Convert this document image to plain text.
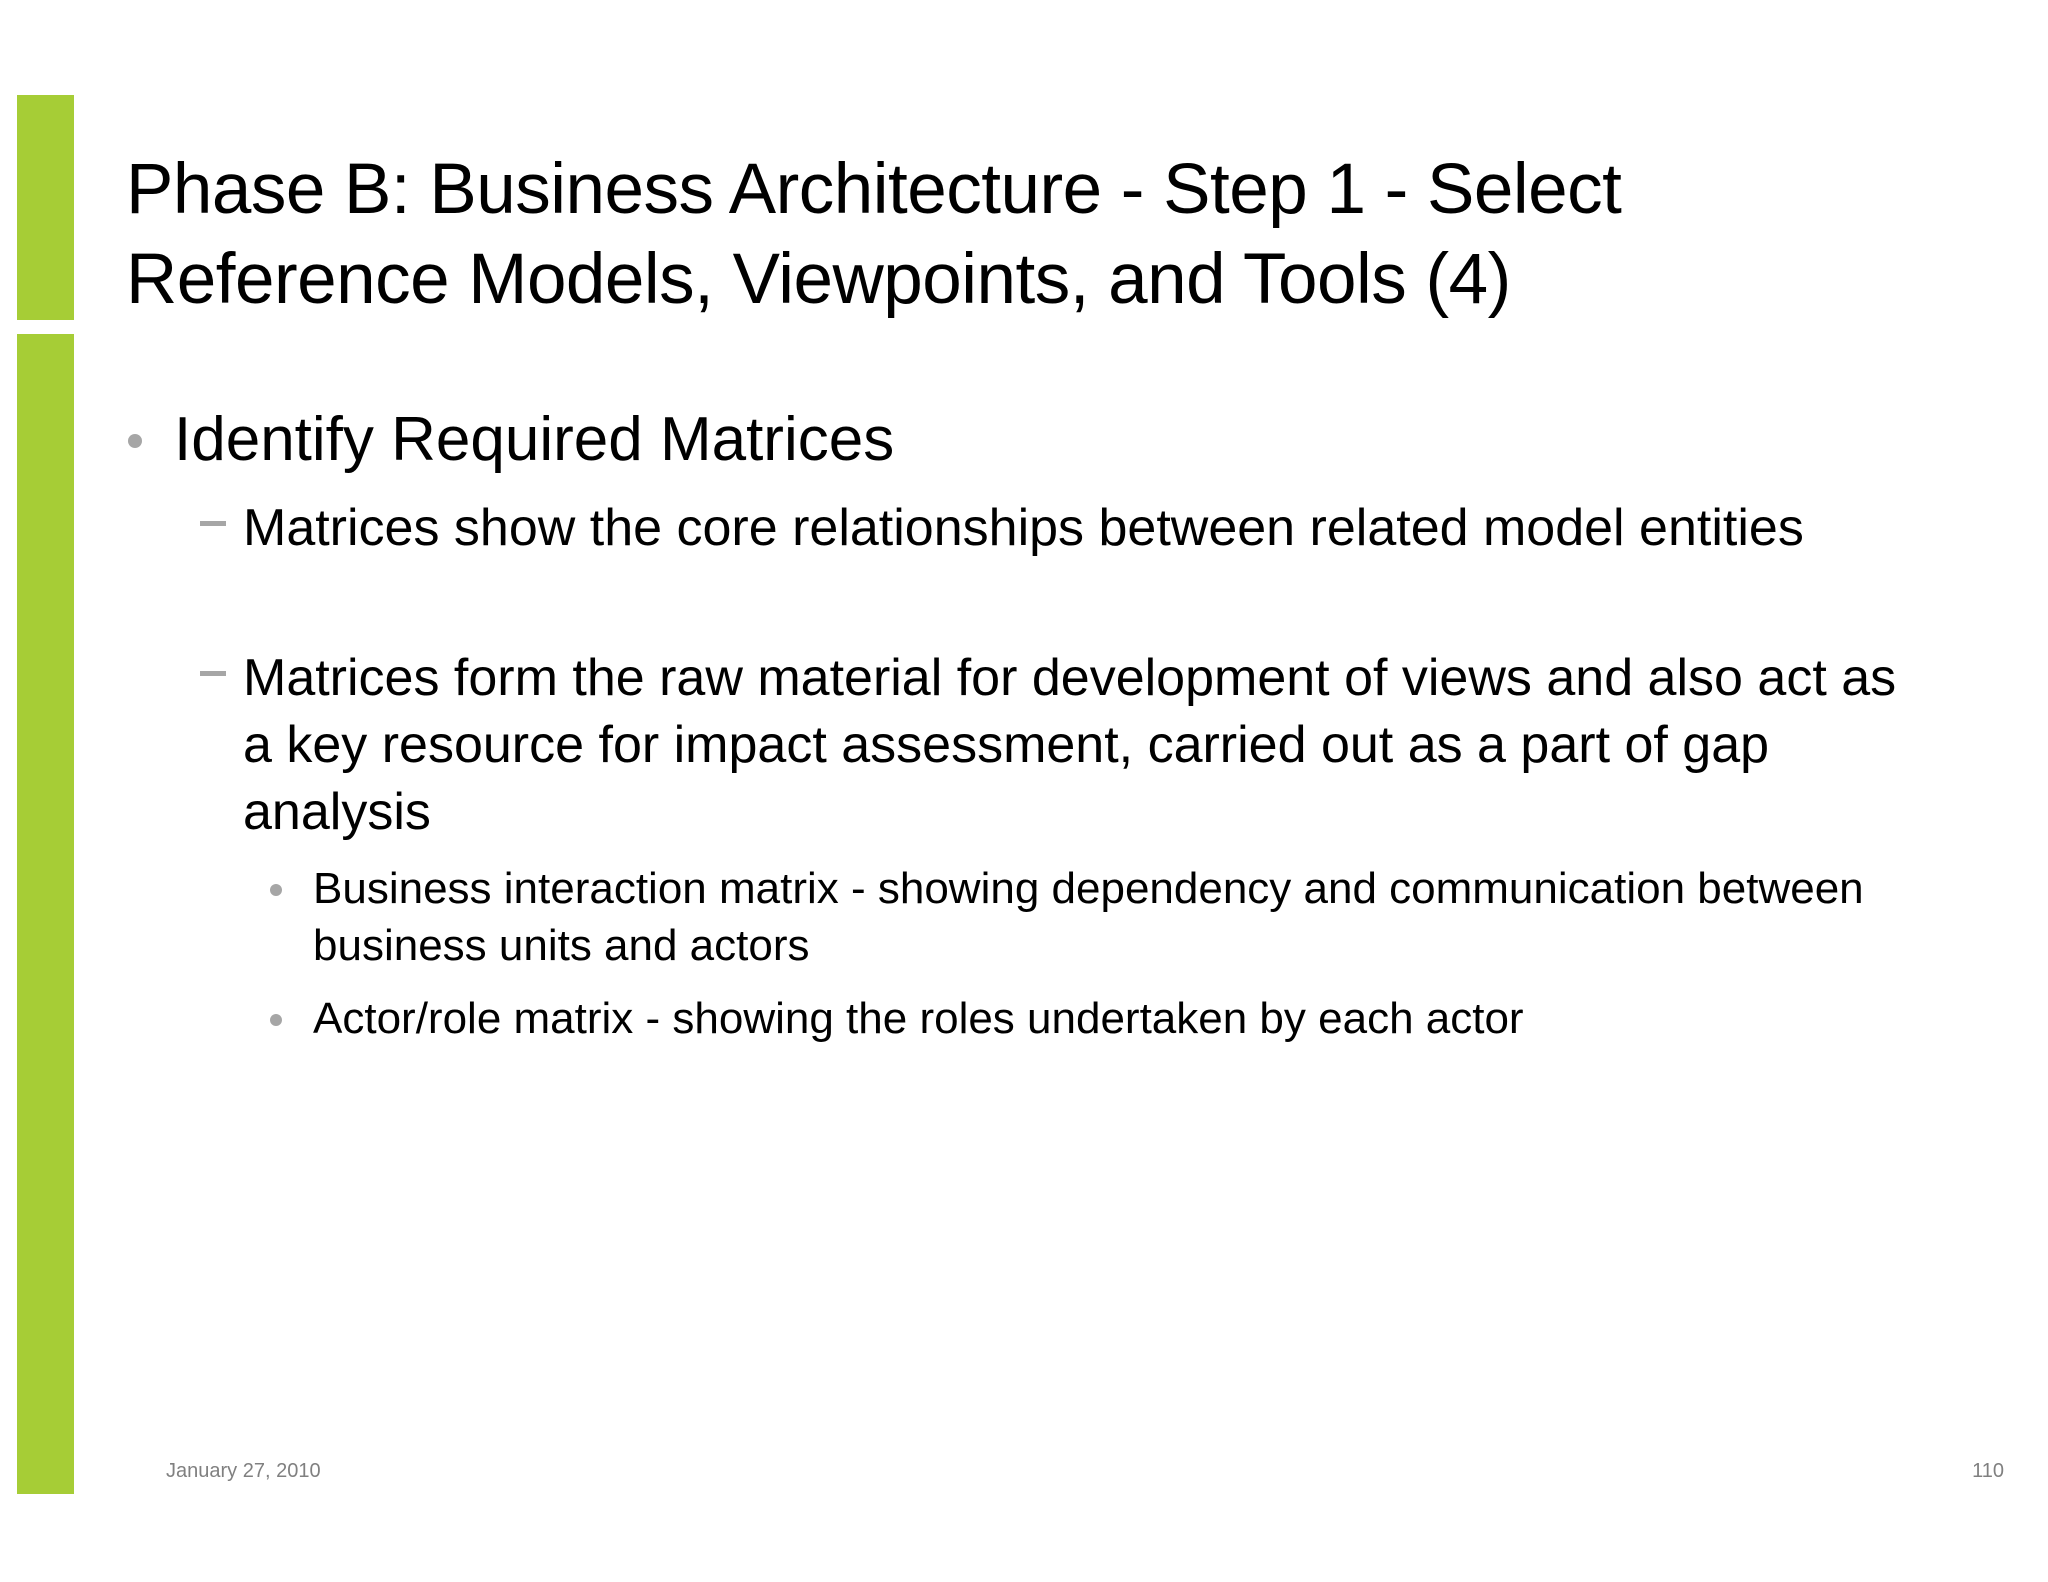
Phase B: Business Architecture - Step 1 - Select
Reference Models, Viewpoints, and Tools (4)
Identify Required Matrices
Matrices show the core relationships between related model entities
Matrices form the raw material for development of views and also act as a key resource for impact assessment, carried out as a part of gap analysis
Business interaction matrix - showing dependency and communication between business units and actors
Actor/role matrix - showing the roles undertaken by each actor
January 27, 2010	110
